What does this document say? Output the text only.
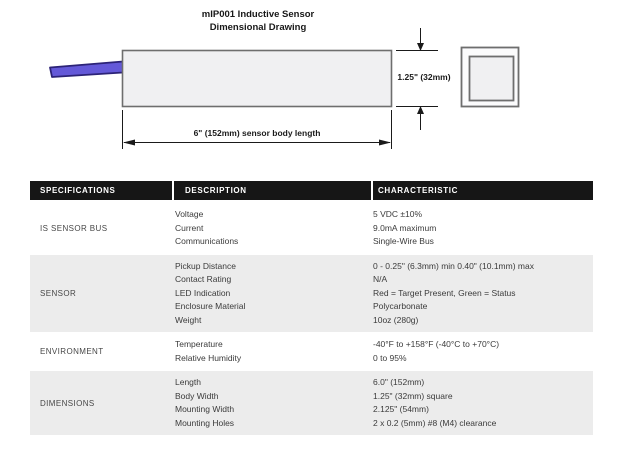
mIP001 Inductive Sensor
Dimensional Drawing
1.25" (32mm)
6" (152mm) sensor body length
SPECIFICATIONS	DESCRIPTION	CHARACTERISTIC
IS SENSOR BUS
Voltage
Current
Communications
5 VDC ±10%
9.0mA maximum
Single-Wire Bus
SENSOR
Pickup Distance
Contact Rating
LED Indication
Enclosure Material
Weight
0 - 0.25" (6.3mm) min 0.40" (10.1mm) max
N/A
Red = Target Present, Green = Status
Polycarbonate
10oz (280g)
ENVIRONMENT
Temperature
Relative Humidity
-40°F to +158°F (-40°C to +70°C)
0 to 95%
DIMENSIONS
Length
Body Width
Mounting Width
Mounting Holes
6.0" (152mm)
1.25" (32mm) square
2.125" (54mm)
2 x 0.2 (5mm) #8 (M4) clearance
